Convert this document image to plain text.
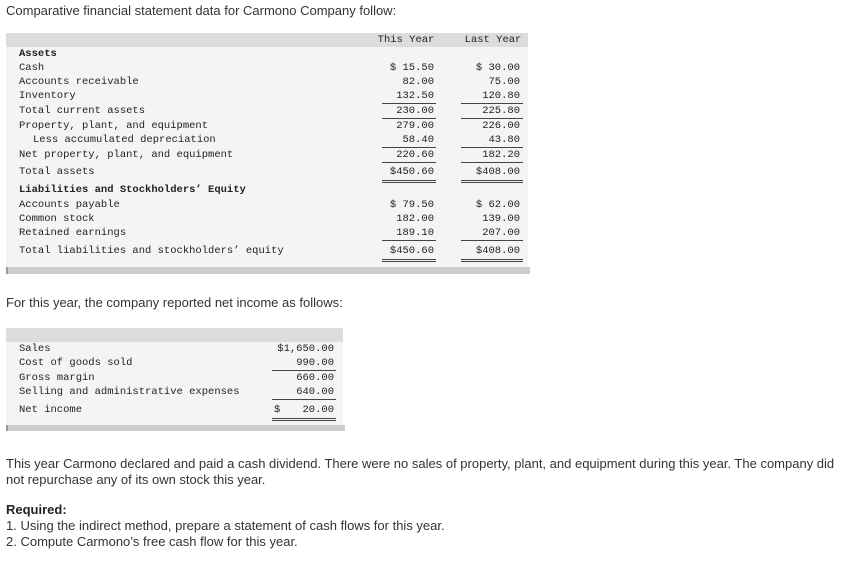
Comparative financial statement data for Carmono Company follow:
This Year	Last Year
Assets
Cash	$ 15.50	$ 30.00
Accounts receivable	82.00	75.00
Inventory	132.50	120.80
Total current assets	230.00	225.80
Property, plant, and equipment	279.00	226.00
Less accumulated depreciation	58.40	43.80
Net property, plant, and equipment	220.60	182.20
Total assets	$450.60	$408.00
Liabilities and Stockholders’ Equity
Accounts payable	$ 79.50	$ 62.00
Common stock	182.00	139.00
Retained earnings	189.10	207.00
Total liabilities and stockholders’ equity	$450.60	$408.00
For this year, the company reported net income as follows:
Sales	$1,650.00
Cost of goods sold	990.00
Gross margin	660.00
Selling and administrative expenses	640.00
Net income	$	20.00
This year Carmono declared and paid a cash dividend. There were no sales of property, plant, and equipment during this year. The company did not repurchase any of its own stock this year.
Required:
1. Using the indirect method, prepare a statement of cash flows for this year.
2. Compute Carmono’s free cash flow for this year.
